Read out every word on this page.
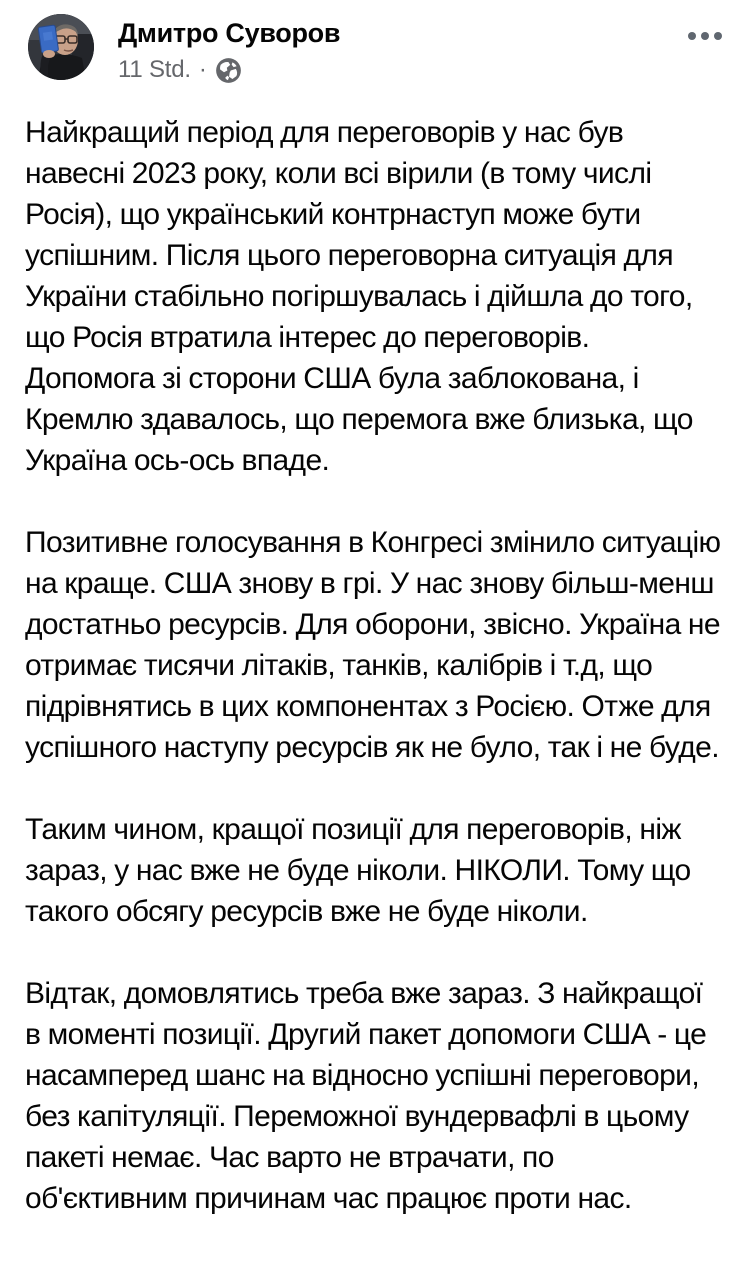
Дмитро Суворов
11 Std. ·

Найкращий період для переговорів у нас був навесні 2023 року, коли всі вірили (в тому числі Росія), що український контрнаступ може бути успішним. Після цього переговорна ситуація для України стабільно погіршувалась і дійшла до того, що Росія втратила інтерес до переговорів. Допомога зі сторони США була заблокована, і Кремлю здавалось, що перемога вже близька, що Україна ось-ось впаде.

Позитивне голосування в Конгресі змінило ситуацію на краще. США знову в грі. У нас знову більш-менш достатньо ресурсів. Для оборони, звісно. Україна не отримає тисячи літаків, танків, калібрів і т.д, що підрівнятись в цих компонентах з Росією. Отже для успішного наступу ресурсів як не було, так і не буде.

Таким чином, кращої позиції для переговорів, ніж зараз, у нас вже не буде ніколи. НІКОЛИ. Тому що такого обсягу ресурсів вже не буде ніколи.

Відтак, домовлятись треба вже зараз. З найкращої в моменті позиції. Другий пакет допомоги США - це насамперед шанс на відносно успішні переговори, без капітуляції. Переможної вундервафлі в цьому пакеті немає. Час варто не втрачати, по об'єктивним причинам час працює проти нас.
